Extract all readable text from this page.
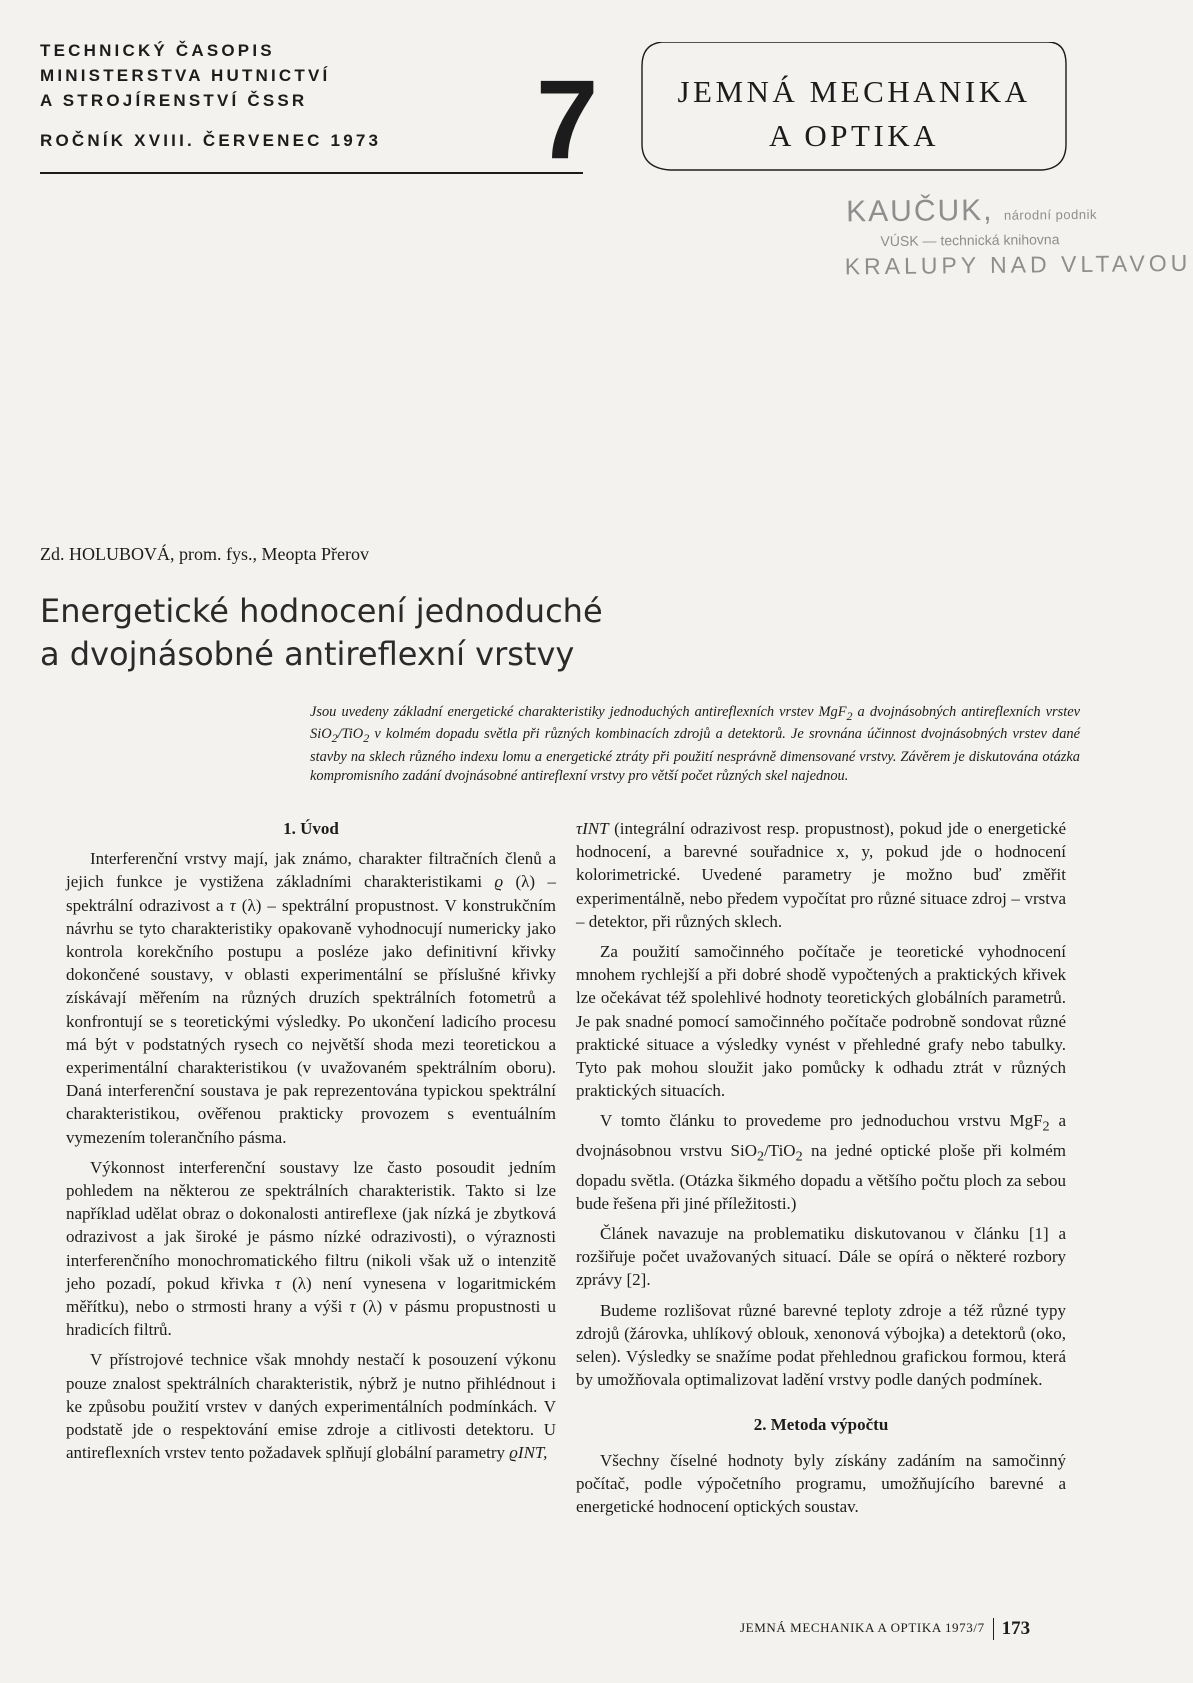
TECHNICKÝ ČASOPIS
MINISTERSTVA HUTNICTVÍ
A STROJÍRENSTVÍ ČSSR
ROČNÍK XVIII. ČERVENEC 1973 7	JEMNÁ MECHANIKA
A OPTIKA
KAUČUK, národní podnik
VÚSK — technická knihovna
KRALUPY NAD VLTAVOU
Zd. HOLUBOVÁ, prom. fys., Meopta Přerov
Energetické hodnocení jednoduché
a dvojnásobné antireflexní vrstvy
Jsou uvedeny základní energetické charakteristiky jednoduchých antireflexních vrstev MgF$_2$ a dvojnásobných antireflexních vrstev SiO$_2$/TiO$_2$ v kolmém dopadu světla při různých kombinacích zdrojů a detektorů. Je srovnána účinnost dvojnásobných vrstev dané stavby na sklech různého indexu lomu a energetické ztráty při použití nesprávně dimensované vrstvy. Závěrem je diskutována otázka kompromisního zadání dvojnásobné antireflexní vrstvy pro větší počet různých skel najednou.
1. Úvod

Interferenční vrstvy mají, jak známo, charakter filtračních členů a jejich funkce je vystižena základními charakteristikami ϱ (λ) – spektrální odrazivost a τ (λ) – spektrální propustnost. V konstrukčním návrhu se tyto charakteristiky opakovaně vyhodnocují numericky jako kontrola korekčního postupu a posléze jako definitivní křivky dokončené soustavy, v oblasti experimentální se příslušné křivky získávají měřením na různých druzích spektrálních fotometrů a konfrontují se s teoretickými výsledky. Po ukončení ladicího procesu má být v podstatných rysech co největší shoda mezi teoretickou a experimentální charakteristikou (v uvažovaném spektrálním oboru). Daná interferenční soustava je pak reprezentována typickou spektrální charakteristikou, ověřenou prakticky provozem s eventuálním vymezením tolerančního pásma.

Výkonnost interferenční soustavy lze často posoudit jedním pohledem na některou ze spektrálních charakteristik. Takto si lze například udělat obraz o dokonalosti antireflexe (jak nízká je zbytková odrazivost a jak široké je pásmo nízké odrazivosti), o výraznosti interferenčního monochromatického filtru (nikoli však už o intenzitě jeho pozadí, pokud křivka τ (λ) není vynesena v logaritmickém měřítku), nebo o strmosti hrany a výši τ (λ) v pásmu propustnosti u hradicích filtrů.

V přístrojové technice však mnohdy nestačí k posouzení výkonu pouze znalost spektrálních charakteristik, nýbrž je nutno přihlédnout i ke způsobu použití vrstev v daných experimentálních podmínkách. V podstatě jde o respektování emise zdroje a citlivosti detektoru. U antireflexních vrstev tento požadavek splňují globální parametry ϱINT,

τINT (integrální odrazivost resp. propustnost), pokud jde o energetické hodnocení, a barevné souřadnice x, y, pokud jde o hodnocení kolorimetrické. Uvedené parametry je možno buď změřit experimentálně, nebo předem vypočítat pro různé situace zdroj – vrstva – detektor, při různých sklech.

Za použití samočinného počítače je teoretické vyhodnocení mnohem rychlejší a při dobré shodě vypočtených a praktických křivek lze očekávat též spolehlivé hodnoty teoretických globálních parametrů. Je pak snadné pomocí samočinného počítače podrobně sondovat různé praktické situace a výsledky vynést v přehledné grafy nebo tabulky. Tyto pak mohou sloužit jako pomůcky k odhadu ztrát v různých praktických situacích.

V tomto článku to provedeme pro jednoduchou vrstvu MgF$_2$ a dvojnásobnou vrstvu SiO$_2$/TiO$_2$ na jedné optické ploše při kolmém dopadu světla. (Otázka šikmého dopadu a většího počtu ploch za sebou bude řešena při jiné příležitosti.)

Článek navazuje na problematiku diskutovanou v článku [1] a rozšiřuje počet uvažovaných situací. Dále se opírá o některé rozbory zprávy [2].

Budeme rozlišovat různé barevné teploty zdroje a též různé typy zdrojů (žárovka, uhlíkový oblouk, xenonová výbojka) a detektorů (oko, selen). Výsledky se snažíme podat přehlednou grafickou formou, která by umožňovala optimalizovat ladění vrstvy podle daných podmínek.

2. Metoda výpočtu

Všechny číselné hodnoty byly získány zadáním na samočinný počítač, podle výpočetního programu, umožňujícího barevné a energetické hodnocení optických soustav.

JEMNÁ MECHANIKA A OPTIKA 1973/7 173
